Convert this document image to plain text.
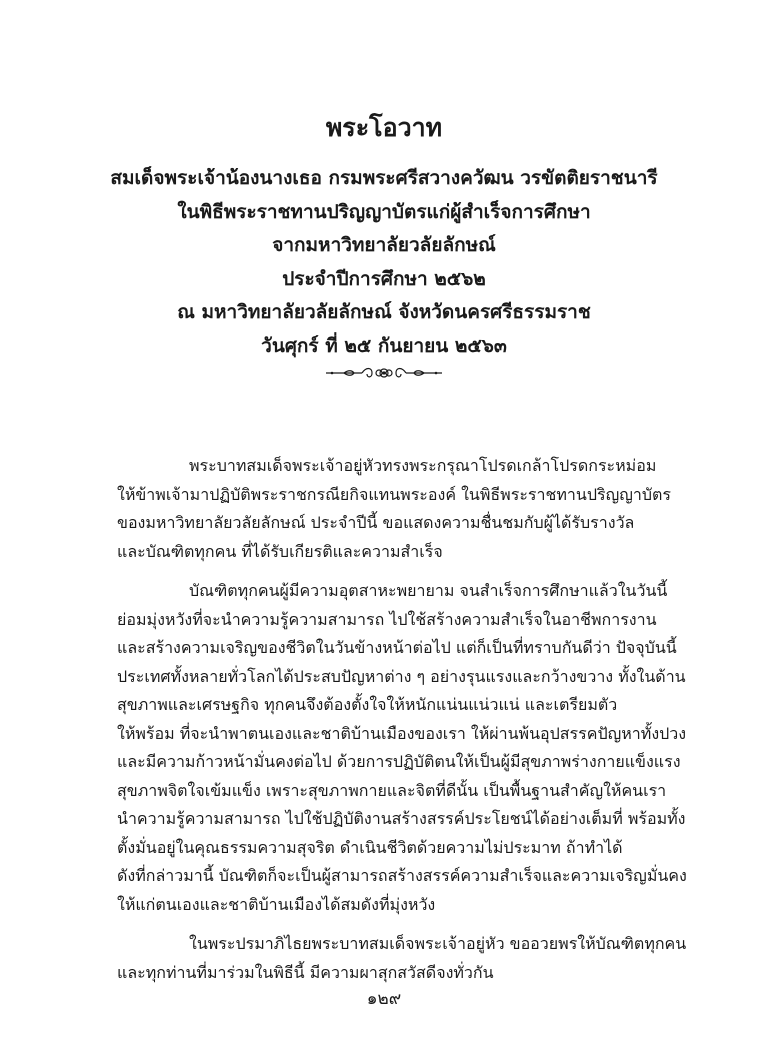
พระโอวาท
สมเด็จพระเจ้าน้องนางเธอ กรมพระศรีสวางควัฒน วรขัตติยราชนารี
ในพิธีพระราชทานปริญญาบัตรแก่ผู้สำเร็จการศึกษา
จากมหาวิทยาลัยวลัยลักษณ์
ประจำปีการศึกษา ๒๕๖๒
ณ มหาวิทยาลัยวลัยลักษณ์ จังหวัดนครศรีธรรมราช
วันศุกร์ ที่ ๒๕ กันยายน ๒๕๖๓
พระบาทสมเด็จพระเจ้าอยู่หัวทรงพระกรุณาโปรดเกล้าโปรดกระหม่อม
ให้ข้าพเจ้ามาปฏิบัติพระราชกรณียกิจแทนพระองค์ ในพิธีพระราชทานปริญญาบัตร
ของมหาวิทยาลัยวลัยลักษณ์ ประจำปีนี้ ขอแสดงความชื่นชมกับผู้ได้รับรางวัล
และบัณฑิตทุกคน ที่ได้รับเกียรติและความสำเร็จ
บัณฑิตทุกคนผู้มีความอุตสาหะพยายาม จนสำเร็จการศึกษาแล้วในวันนี้
ย่อมมุ่งหวังที่จะนำความรู้ความสามารถ ไปใช้สร้างความสำเร็จในอาชีพการงาน
และสร้างความเจริญของชีวิตในวันข้างหน้าต่อไป แต่ก็เป็นที่ทราบกันดีว่า ปัจจุบันนี้
ประเทศทั้งหลายทั่วโลกได้ประสบปัญหาต่าง ๆ อย่างรุนแรงและกว้างขวาง ทั้งในด้าน
สุขภาพและเศรษฐกิจ ทุกคนจึงต้องตั้งใจให้หนักแน่นแน่วแน่ และเตรียมตัว
ให้พร้อม ที่จะนำพาตนเองและชาติบ้านเมืองของเรา ให้ผ่านพ้นอุปสรรคปัญหาทั้งปวง
และมีความก้าวหน้ามั่นคงต่อไป ด้วยการปฏิบัติตนให้เป็นผู้มีสุขภาพร่างกายแข็งแรง
สุขภาพจิตใจเข้มแข็ง เพราะสุขภาพกายและจิตที่ดีนั้น เป็นพื้นฐานสำคัญให้คนเรา
นำความรู้ความสามารถ ไปใช้ปฏิบัติงานสร้างสรรค์ประโยชน์ได้อย่างเต็มที่ พร้อมทั้ง
ตั้งมั่นอยู่ในคุณธรรมความสุจริต ดำเนินชีวิตด้วยความไม่ประมาท ถ้าทำได้
ดังที่กล่าวมานี้ บัณฑิตก็จะเป็นผู้สามารถสร้างสรรค์ความสำเร็จและความเจริญมั่นคง
ให้แก่ตนเองและชาติบ้านเมืองได้สมดังที่มุ่งหวัง
ในพระปรมาภิไธยพระบาทสมเด็จพระเจ้าอยู่หัว ขออวยพรให้บัณฑิตทุกคน
และทุกท่านที่มาร่วมในพิธีนี้ มีความผาสุกสวัสดีจงทั่วกัน
๑๒๙
